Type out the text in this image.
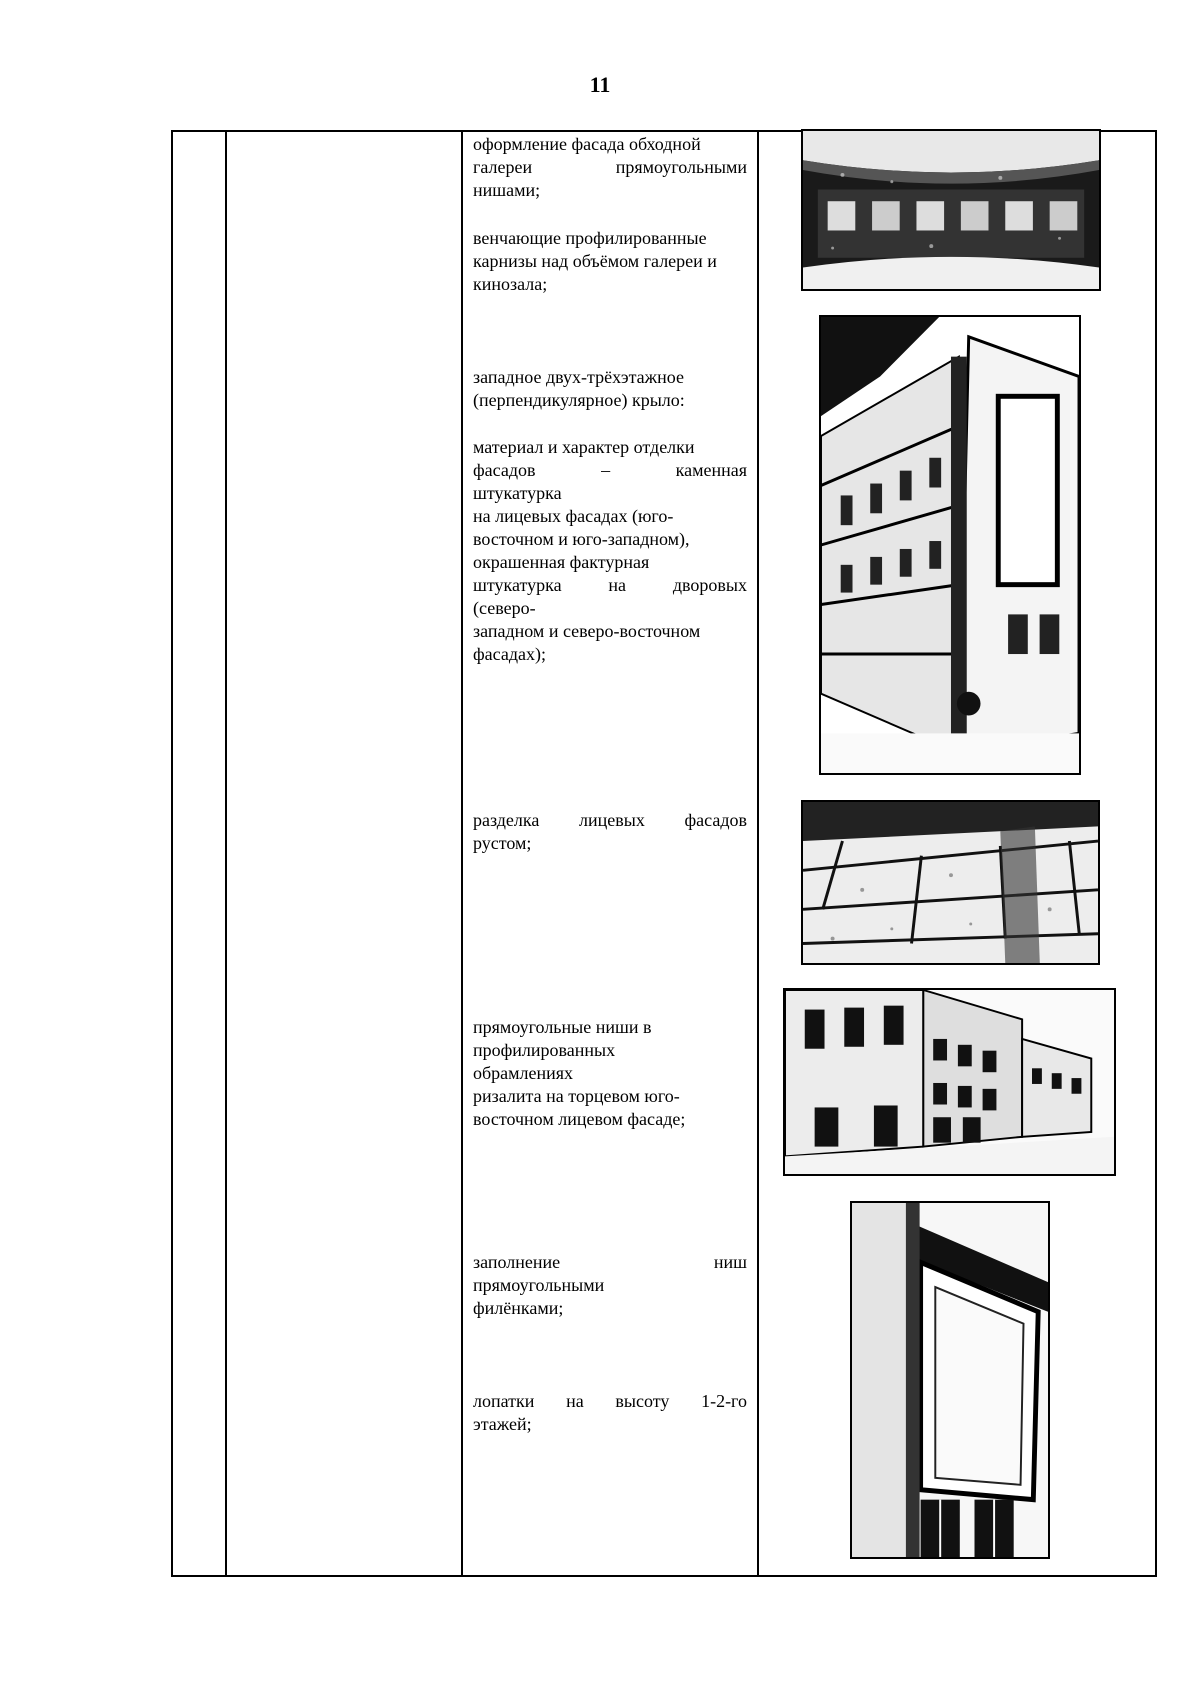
11
оформление фасада обходной
галереи прямоугольными
нишами;
венчающие профилированные
карнизы над объёмом галереи и
кинозала;
западное двух-трёхэтажное
(перпендикулярное) крыло:
материал и характер отделки
фасадов – каменная
штукатурка
на лицевых фасадах (юго-
восточном и юго-западном),
окрашенная фактурная
штукатурка на дворовых
(северо-
западном и северо-восточном
фасадах);
разделка лицевых фасадов
рустом;
прямоугольные ниши в
профилированных
обрамлениях
ризалита на торцевом юго-
восточном лицевом фасаде;
заполнение ниш
прямоугольными
филёнками;
лопатки на высоту 1-2-го
этажей;
